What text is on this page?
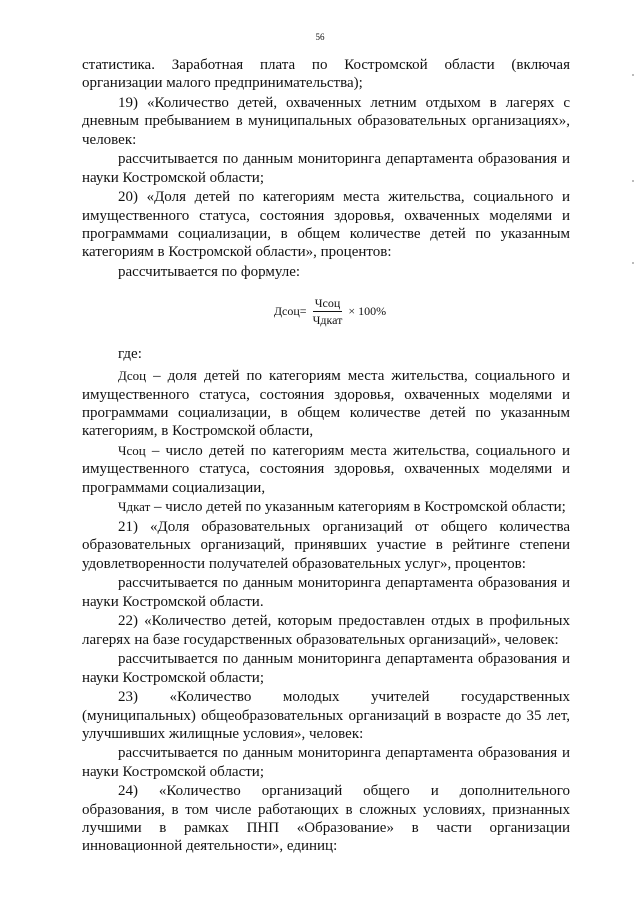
56

статистика. Заработная плата по Костромской области (включая организации малого предпринимательства);

19) «Количество детей, охваченных летним отдыхом в лагерях с дневным пребыванием в муниципальных образовательных организациях», человек:

рассчитывается по данным мониторинга департамента образования и науки Костромской области;

20) «Доля детей по категориям места жительства, социального и имущественного статуса, состояния здоровья, охваченных моделями и программами социализации, в общем количестве детей по указанным категориям в Костромской области», процентов:

рассчитывается по формуле:

Дсоц = $\frac{\text{Чсоц}}{\text{Чдкат}} \times 100\%$

где:

Дсоц – доля детей по категориям места жительства, социального и имущественного статуса, состояния здоровья, охваченных моделями и программами социализации, в общем количестве детей по указанным категориям, в Костромской области,

Чсоц – число детей по категориям места жительства, социального и имущественного статуса, состояния здоровья, охваченных моделями и программами социализации,

Чдкат – число детей по указанным категориям в Костромской области;

21) «Доля образовательных организаций от общего количества образовательных организаций, принявших участие в рейтинге степени удовлетворенности получателей образовательных услуг», процентов:

рассчитывается по данным мониторинга департамента образования и науки Костромской области.

22) «Количество детей, которым предоставлен отдых в профильных лагерях на базе государственных образовательных организаций», человек:

рассчитывается по данным мониторинга департамента образования и науки Костромской области;

23) «Количество молодых учителей государственных (муниципальных) общеобразовательных организаций в возрасте до 35 лет, улучшивших жилищные условия», человек:

рассчитывается по данным мониторинга департамента образования и науки Костромской области;

24) «Количество организаций общего и дополнительного образования, в том числе работающих в сложных условиях, признанных лучшими в рамках ПНП «Образование» в части организации инновационной деятельности», единиц:
